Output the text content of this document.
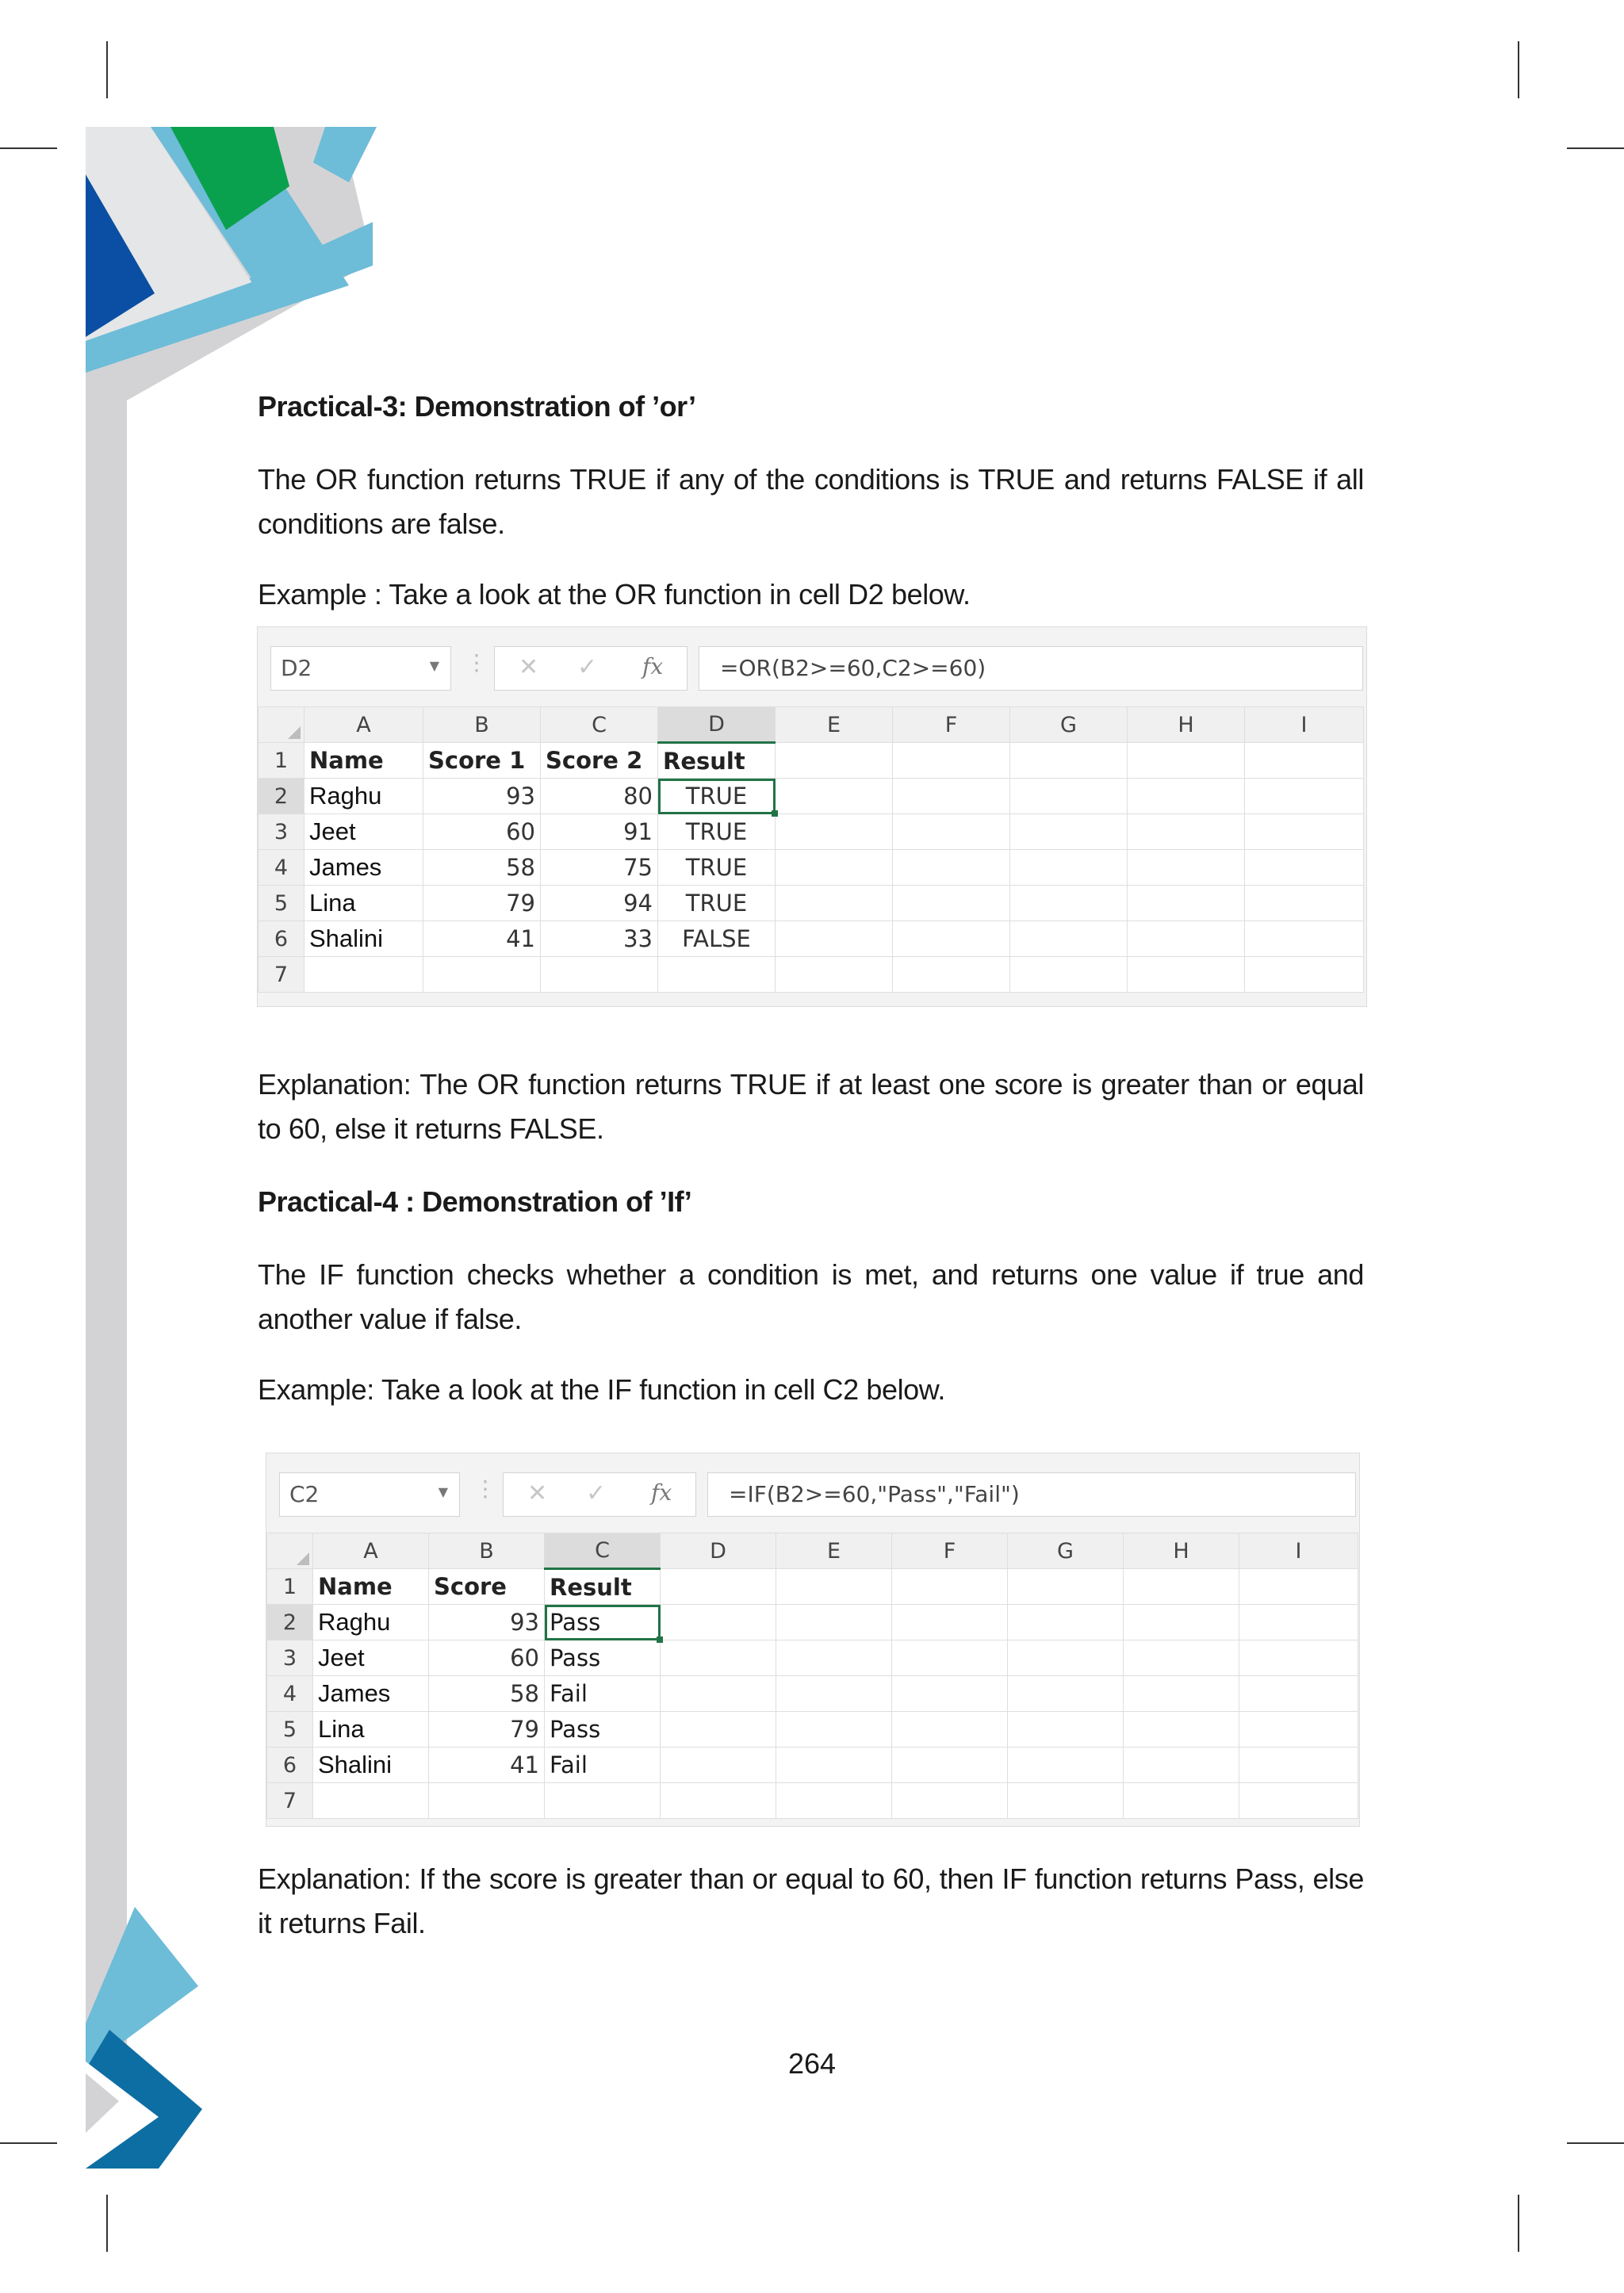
Practical-3: Demonstration of ’or’
The OR function returns TRUE if any of the conditions is TRUE and returns FALSE if all conditions are false.
Example : Take a look at the OR function in cell D2 below.
D2	▼ ⋮ ✕ ✓ fx	=OR(B2>=60,C2>=60)
	A	B	C	D	E	F	G	H	I
1	Name	Score 1	Score 2	Result					
2	Raghu	93	80	TRUE					
3	Jeet	60	91	TRUE					
4	James	58	75	TRUE					
5	Lina	79	94	TRUE					
6	Shalini	41	33	FALSE					
7									
Explanation: The OR function returns TRUE if at least one score is greater than or equal to 60, else it returns FALSE.
Practical-4 : Demonstration of ’If’
The IF function checks whether a condition is met, and returns one value if true and another value if false.
Example: Take a look at the IF function in cell C2 below.
C2	▼ ⋮ ✕ ✓ fx	=IF(B2>=60,"Pass","Fail")
	A	B	C	D	E	F	G	H	I
1	Name	Score	Result						
2	Raghu	93	Pass						
3	Jeet	60	Pass						
4	James	58	Fail						
5	Lina	79	Pass						
6	Shalini	41	Fail						
7									
Explanation: If the score is greater than or equal to 60, then IF function returns Pass, else it returns Fail.
264
